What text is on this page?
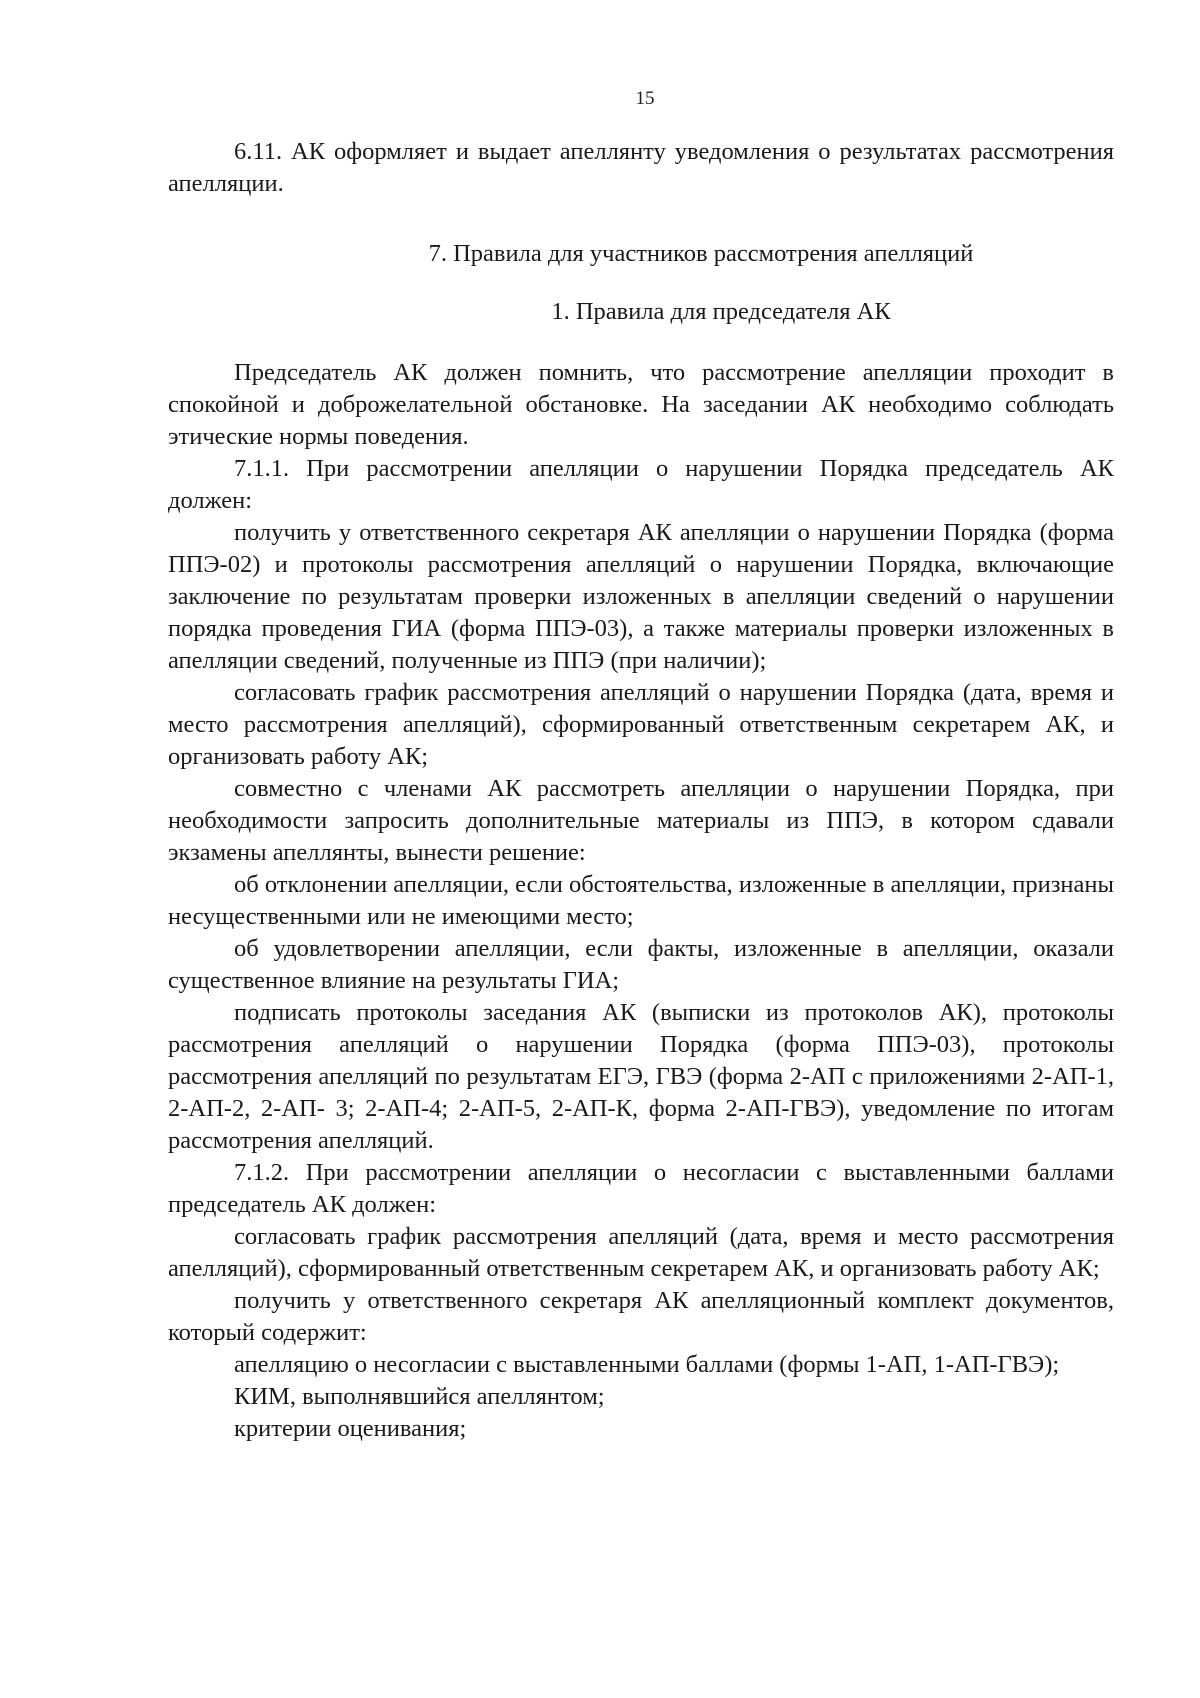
15

6.11. АК оформляет и выдает апеллянту уведомления о результатах рассмотрения апелляции.

7. Правила для участников рассмотрения апелляций

1. Правила для председателя АК

Председатель АК должен помнить, что рассмотрение апелляции проходит в спокойной и доброжелательной обстановке. На заседании АК необходимо соблюдать этические нормы поведения.

7.1.1. При рассмотрении апелляции о нарушении Порядка председатель АК должен:

получить у ответственного секретаря АК апелляции о нарушении Порядка (форма ППЭ-02) и протоколы рассмотрения апелляций о нарушении Порядка, включающие заключение по результатам проверки изложенных в апелляции сведений о нарушении порядка проведения ГИА (форма ППЭ-03), а также материалы проверки изложенных в апелляции сведений, полученные из ППЭ (при наличии);

согласовать график рассмотрения апелляций о нарушении Порядка (дата, время и место рассмотрения апелляций), сформированный ответственным секретарем АК, и организовать работу АК;

совместно с членами АК рассмотреть апелляции о нарушении Порядка, при необходимости запросить дополнительные материалы из ППЭ, в котором сдавали экзамены апеллянты, вынести решение:

об отклонении апелляции, если обстоятельства, изложенные в апелляции, признаны несущественными или не имеющими место;

об удовлетворении апелляции, если факты, изложенные в апелляции, оказали существенное влияние на результаты ГИА;

подписать протоколы заседания АК (выписки из протоколов АК), протоколы рассмотрения апелляций о нарушении Порядка (форма ППЭ-03), протоколы рассмотрения апелляций по результатам ЕГЭ, ГВЭ (форма 2-АП с приложениями 2-АП-1, 2-АП-2, 2-АП- 3; 2-АП-4; 2-АП-5, 2-АП-К, форма 2-АП-ГВЭ), уведомление по итогам рассмотрения апелляций.

7.1.2. При рассмотрении апелляции о несогласии с выставленными баллами председатель АК должен:

согласовать график рассмотрения апелляций (дата, время и место рассмотрения апелляций), сформированный ответственным секретарем АК, и организовать работу АК;

получить у ответственного секретаря АК апелляционный комплект документов, который содержит:

апелляцию о несогласии с выставленными баллами (формы 1-АП, 1-АП-ГВЭ);

КИМ, выполнявшийся апеллянтом;

критерии оценивания;
